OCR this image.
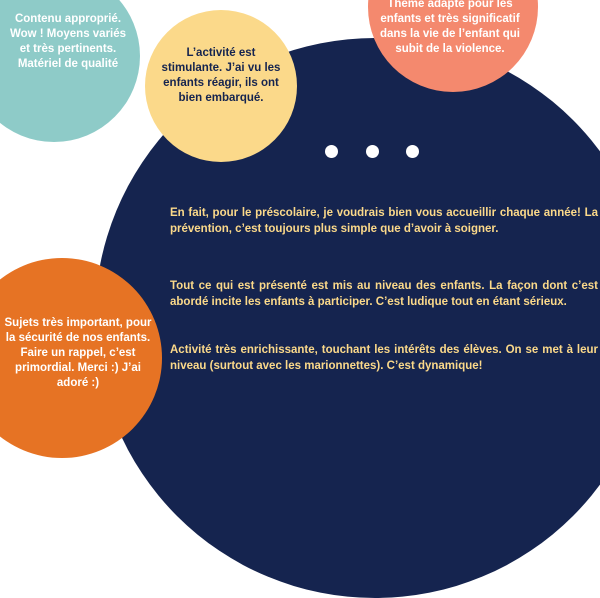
Contenu approprié. Wow ! Moyens variés et très pertinents. Matériel de qualité
L’activité est stimulante. J’ai vu les enfants réagir, ils ont bien embarqué.
Thème adapté pour les enfants et très significatif dans la vie de l’enfant qui subit de la violence.
Sujets très important, pour la sécurité de nos enfants. Faire un rappel, c’est primordial. Merci :) J’ai adoré :)

En fait, pour le préscolaire, je voudrais bien vous accueillir chaque année! La prévention, c’est toujours plus simple que d’avoir à soigner.

Tout ce qui est présenté est mis au niveau des enfants. La façon dont c’est abordé incite les enfants à participer. C’est ludique tout en étant sérieux.

Activité très enrichissante, touchant les intérêts des élèves. On se met à leur niveau (surtout avec les marionnettes). C’est dynamique!
